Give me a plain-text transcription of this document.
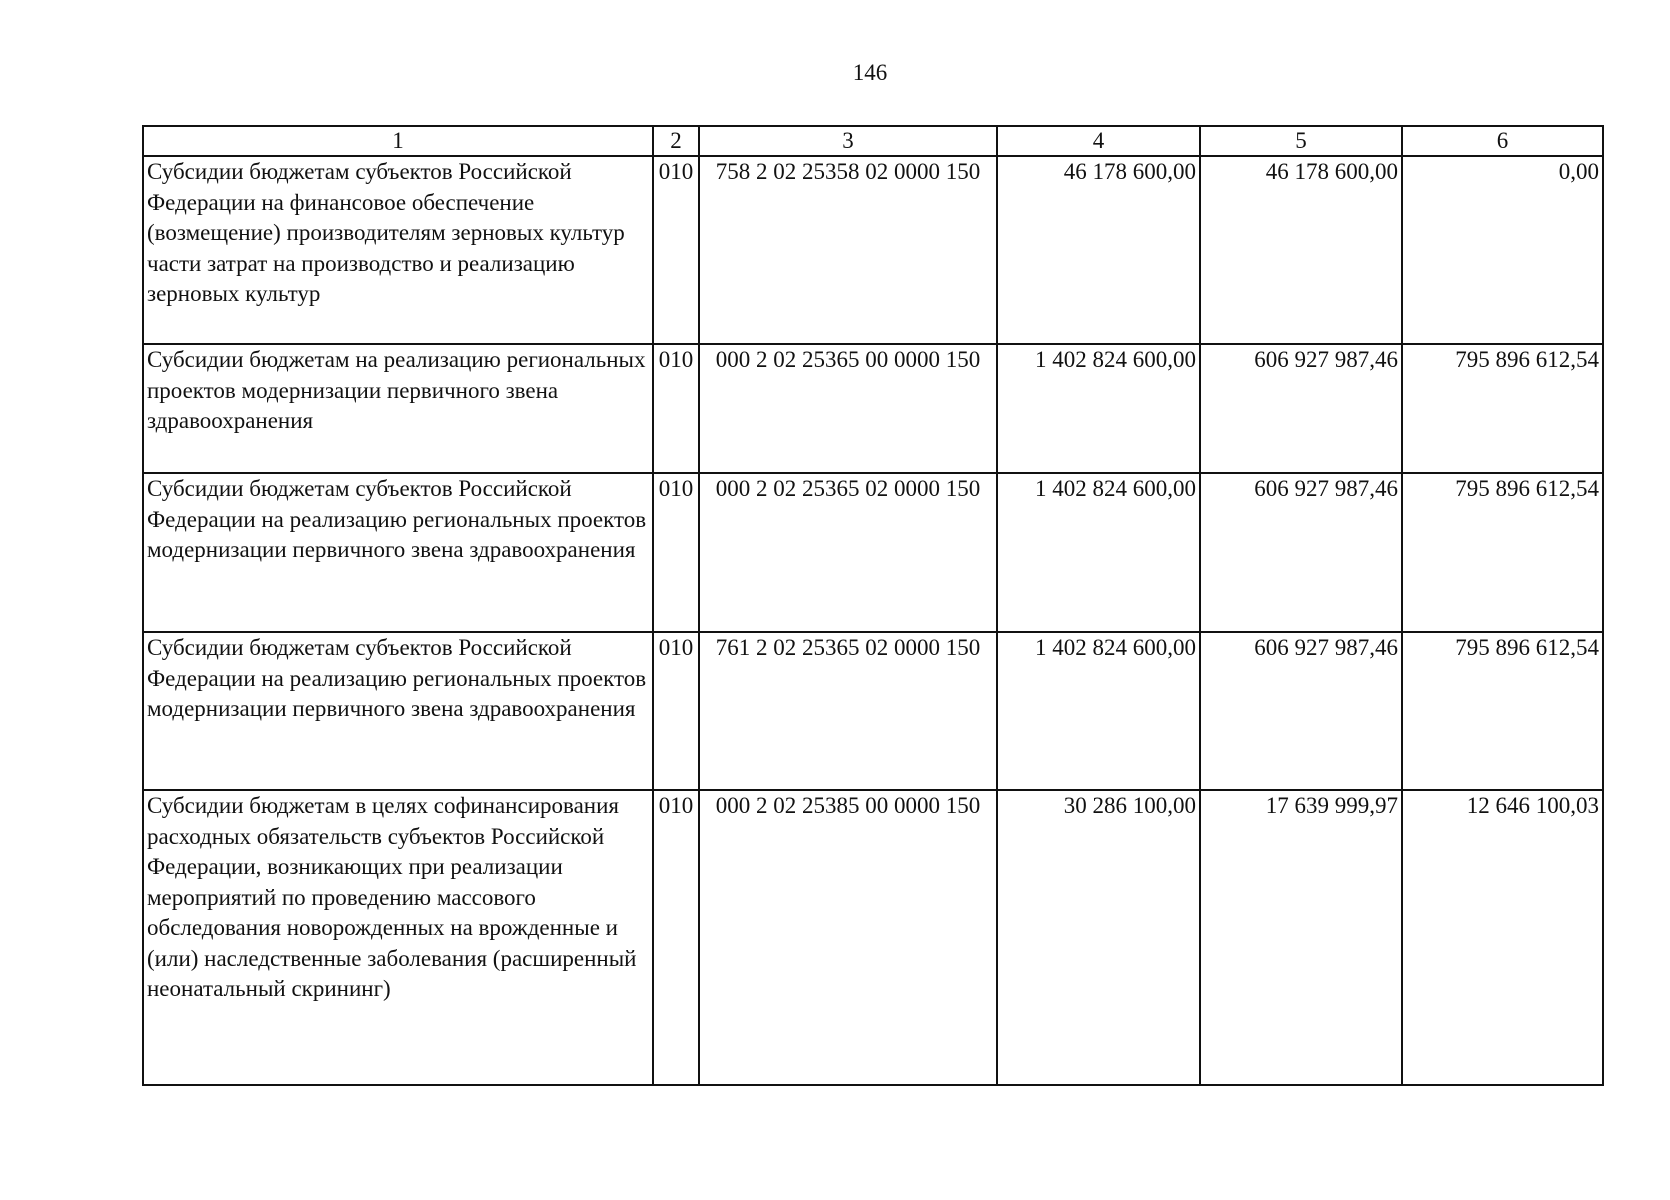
146
1	2	3	4	5	6
Субсидии бюджетам субъектов Российской Федерации на финансовое обеспечение (возмещение) производителям зерновых культур части затрат на производство и реализацию зерновых культур	010	758 2 02 25358 02 0000 150	46 178 600,00	46 178 600,00	0,00
Субсидии бюджетам на реализацию региональных проектов модернизации первичного звена здравоохранения	010	000 2 02 25365 00 0000 150	1 402 824 600,00	606 927 987,46	795 896 612,54
Субсидии бюджетам субъектов Российской Федерации на реализацию региональных проектов модернизации первичного звена здравоохранения	010	000 2 02 25365 02 0000 150	1 402 824 600,00	606 927 987,46	795 896 612,54
Субсидии бюджетам субъектов Российской Федерации на реализацию региональных проектов модернизации первичного звена здравоохранения	010	761 2 02 25365 02 0000 150	1 402 824 600,00	606 927 987,46	795 896 612,54
Субсидии бюджетам в целях софинансирования расходных обязательств субъектов Российской Федерации, возникающих при реализации мероприятий по проведению массового обследования новорожденных на врожденные и (или) наследственные заболевания (расширенный неонатальный скрининг)	010	000 2 02 25385 00 0000 150	30 286 100,00	17 639 999,97	12 646 100,03
